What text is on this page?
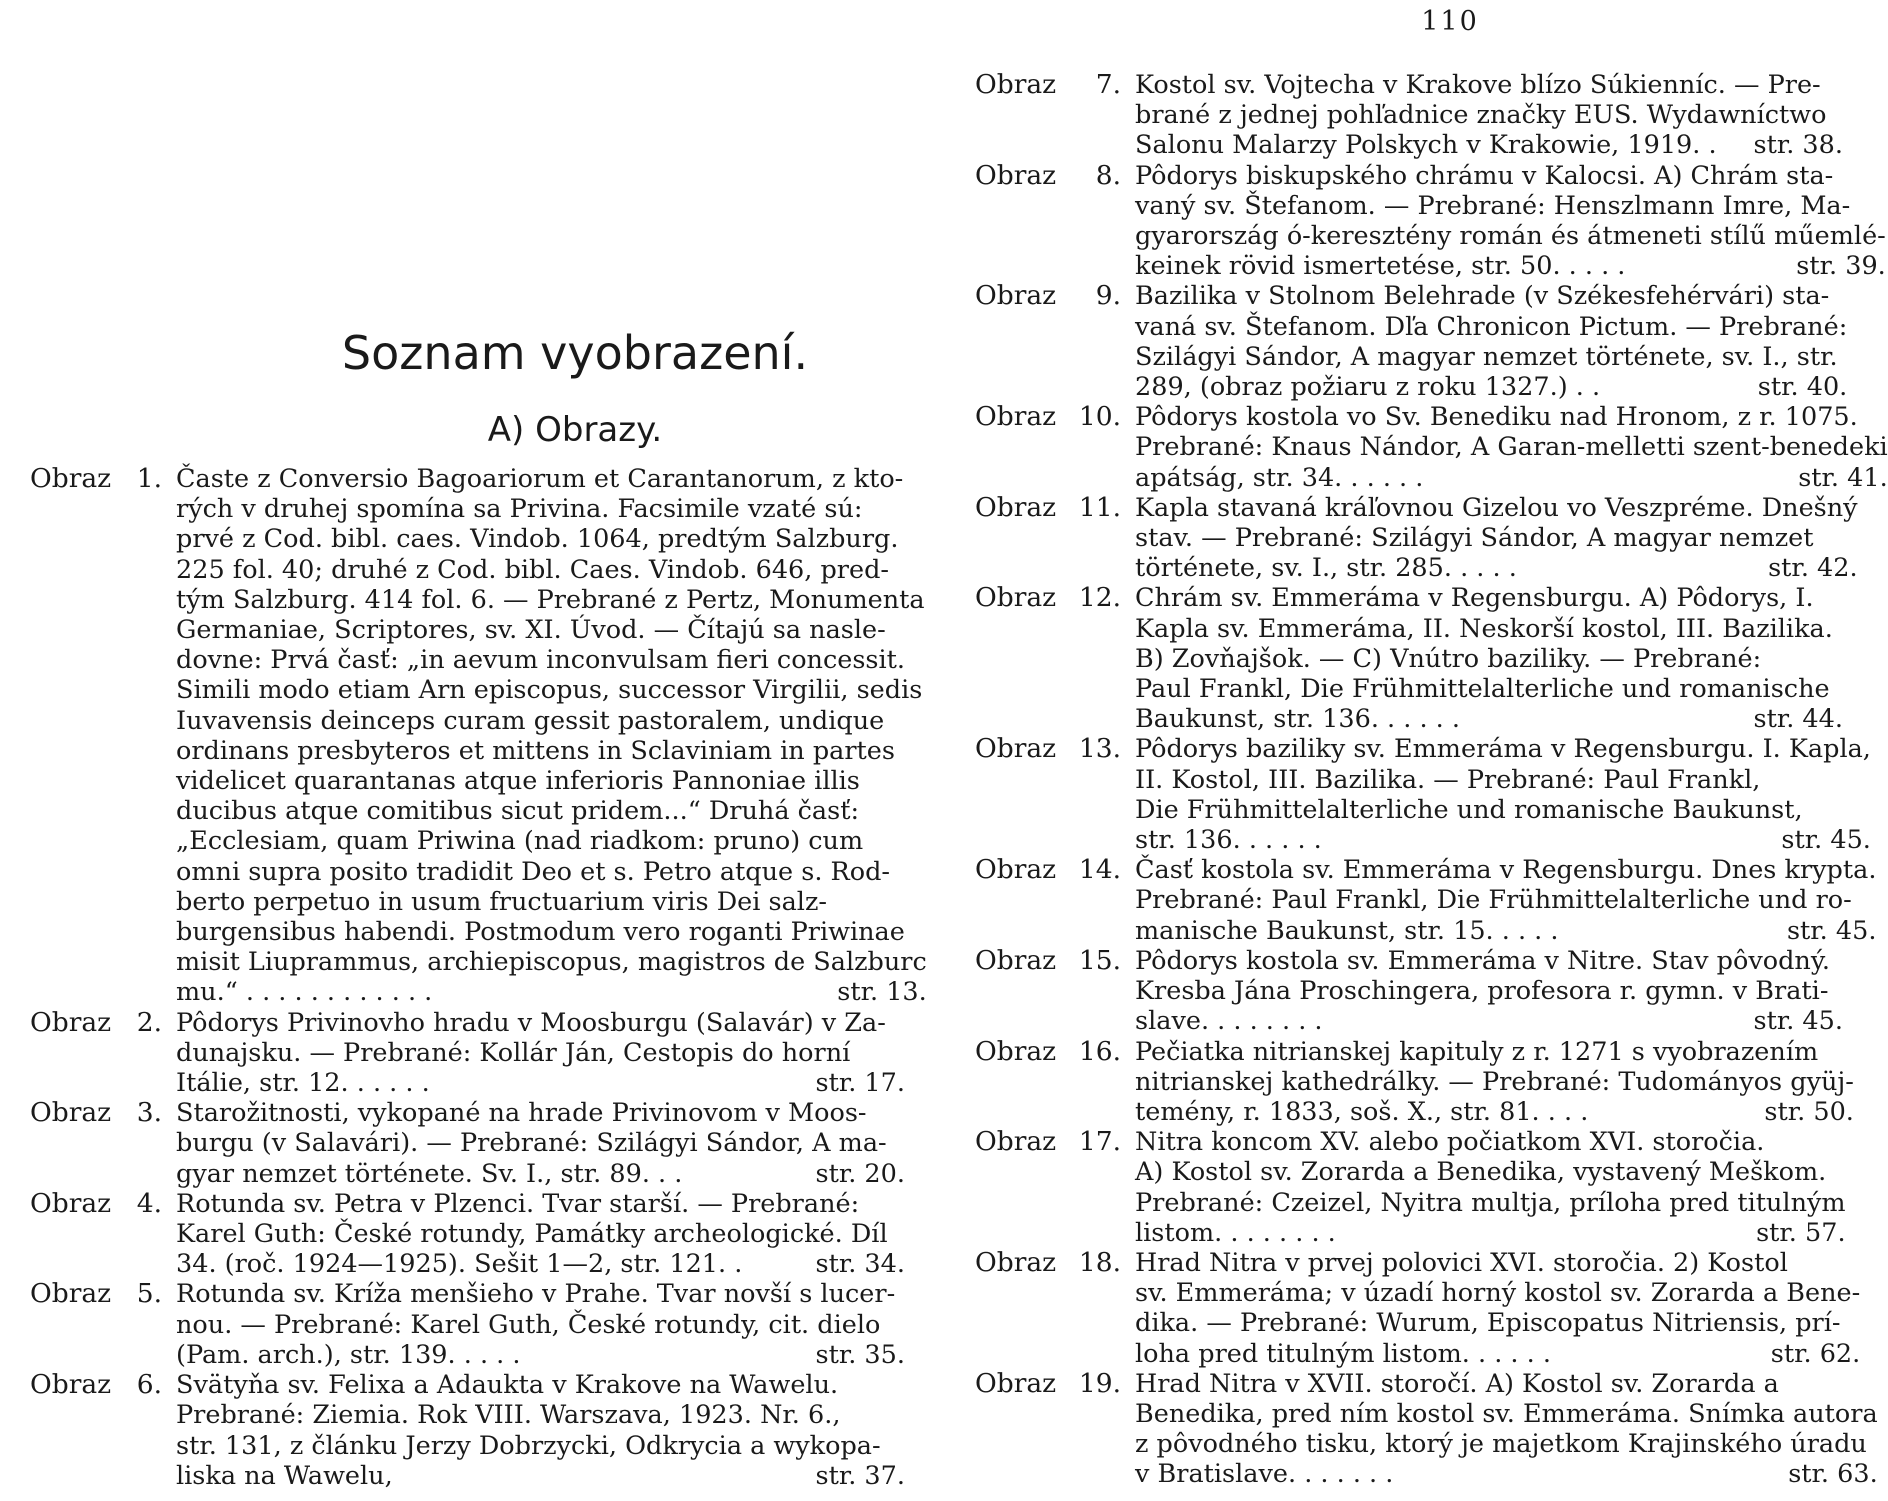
110
Soznam vyobrazení.
A) Obrazy.
Obraz 1. Časte z Conversio Bagoariorum et Carantanorum, z kto-
rých v druhej spomína sa Privina. Facsimile vzaté sú:
prvé z Cod. bibl. caes. Vindob. 1064, predtým Salzburg.
225 fol. 40; druhé z Cod. bibl. Caes. Vindob. 646, pred-
tým Salzburg. 414 fol. 6. — Prebrané z Pertz, Monumenta
Germaniae, Scriptores, sv. XI. Úvod. — Čítajú sa nasle-
dovne: Prvá časť: „in aevum inconvulsam fieri concessit.
Simili modo etiam Arn episcopus, successor Virgilii, sedis
Iuvavensis deinceps curam gessit pastoralem, undique
ordinans presbyteros et mittens in Sclaviniam in partes
videlicet quarantanas atque inferioris Pannoniae illis
ducibus atque comitibus sicut pridem...“ Druhá časť:
„Ecclesiam, quam Priwina (nad riadkom: pruno) cum
omni supra posito tradidit Deo et s. Petro atque s. Rod-
berto perpetuo in usum fructuarium viris Dei salz-
burgensibus habendi. Postmodum vero roganti Priwinae
misit Liuprammus, archiepiscopus, magistros de Salzburc
mu.“ . . . . . . . . . . . .	str. 13.
Obraz 2. Pôdorys Privinovho hradu v Moosburgu (Salavár) v Za-
dunajsku. — Prebrané: Kollár Ján, Cestopis do horní
Itálie, str. 12. . . . . .	str. 17.
Obraz 3. Starožitnosti, vykopané na hrade Privinovom v Moos-
burgu (v Salavári). — Prebrané: Szilágyi Sándor, A ma-
gyar nemzet története. Sv. I., str. 89. . .	str. 20.
Obraz 4. Rotunda sv. Petra v Plzenci. Tvar starší. — Prebrané:
Karel Guth: České rotundy, Památky archeologické. Díl
34. (roč. 1924—1925). Sešit 1—2, str. 121. .	str. 34.
Obraz 5. Rotunda sv. Kríža menšieho v Prahe. Tvar novší s lucer-
nou. — Prebrané: Karel Guth, České rotundy, cit. dielo
(Pam. arch.), str. 139. . . . .	str. 35.
Obraz 6. Svätyňa sv. Felixa a Adaukta v Krakove na Wawelu.
Prebrané: Ziemia. Rok VIII. Warszava, 1923. Nr. 6.,
str. 131, z článku Jerzy Dobrzycki, Odkrycia a wykopa-
liska na Wawelu,	str. 37.
Obraz	7. Kostol sv. Vojtecha v Krakove blízo Súkienníc. — Pre-
brané z jednej pohľadnice značky EUS. Wydawníctwo
Salonu Malarzy Polskych v Krakowie, 1919. . str. 38.
Obraz	8. Pôdorys biskupského chrámu v Kalocsi. A) Chrám sta-
vaný sv. Štefanom. — Prebrané: Henszlmann Imre, Ma-
gyarország ó-keresztény román és átmeneti stílű műemlé-
keinek rövid ismertetése, str. 50. . . . .	str. 39.
Obraz	9. Bazilika v Stolnom Belehrade (v Székesfehérvári) sta-
vaná sv. Štefanom. Dľa Chronicon Pictum. — Prebrané:
Szilágyi Sándor, A magyar nemzet története, sv. I., str.
289, (obraz požiaru z roku 1327.) . .	str. 40.
Obraz 10. Pôdorys kostola vo Sv. Benediku nad Hronom, z r. 1075.
Prebrané: Knaus Nándor, A Garan-melletti szent-benedeki
apátság, str. 34. . . . . .	str. 41.
Obraz 11. Kapla stavaná kráľovnou Gizelou vo Veszpréme. Dnešný
stav. — Prebrané: Szilágyi Sándor, A magyar nemzet
története, sv. I., str. 285. . . . .	str. 42.
Obraz 12. Chrám sv. Emmeráma v Regensburgu. A) Pôdorys, I.
Kapla sv. Emmeráma, II. Neskorší kostol, III. Bazilika.
B) Zovňajšok. — C) Vnútro baziliky. — Prebrané:
Paul Frankl, Die Frühmittelalterliche und romanische
Baukunst, str. 136. . . . . .	str. 44.
Obraz 13. Pôdorys baziliky sv. Emmeráma v Regensburgu. I. Kapla,
II. Kostol, III. Bazilika. — Prebrané: Paul Frankl,
Die Frühmittelalterliche und romanische Baukunst,
str. 136. . . . . .	str. 45.
Obraz 14. Časť kostola sv. Emmeráma v Regensburgu. Dnes krypta.
Prebrané: Paul Frankl, Die Frühmittelalterliche und ro-
manische Baukunst, str. 15. . . . .	str. 45.
Obraz 15. Pôdorys kostola sv. Emmeráma v Nitre. Stav pôvodný.
Kresba Jána Proschingera, profesora r. gymn. v Brati-
slave. . . . . . . .	str. 45.
Obraz 16. Pečiatka nitrianskej kapituly z r. 1271 s vyobrazením
nitrianskej kathedrálky. — Prebrané: Tudományos gyüj-
temény, r. 1833, soš. X., str. 81. . . .	str. 50.
Obraz 17. Nitra koncom XV. alebo počiatkom XVI. storočia.
A) Kostol sv. Zorarda a Benedika, vystavený Meškom.
Prebrané: Czeizel, Nyitra multja, príloha pred titulným
listom. . . . . . . .	str. 57.
Obraz 18. Hrad Nitra v prvej polovici XVI. storočia. 2) Kostol
sv. Emmeráma; v úzadí horný kostol sv. Zorarda a Bene-
dika. — Prebrané: Wurum, Episcopatus Nitriensis, prí-
loha pred titulným listom. . . . . .	str. 62.
Obraz 19. Hrad Nitra v XVII. storočí. A) Kostol sv. Zorarda a
Benedika, pred ním kostol sv. Emmeráma. Snímka autora
z pôvodného tisku, ktorý je majetkom Krajinského úradu
v Bratislave. . . . . . .	str. 63.
